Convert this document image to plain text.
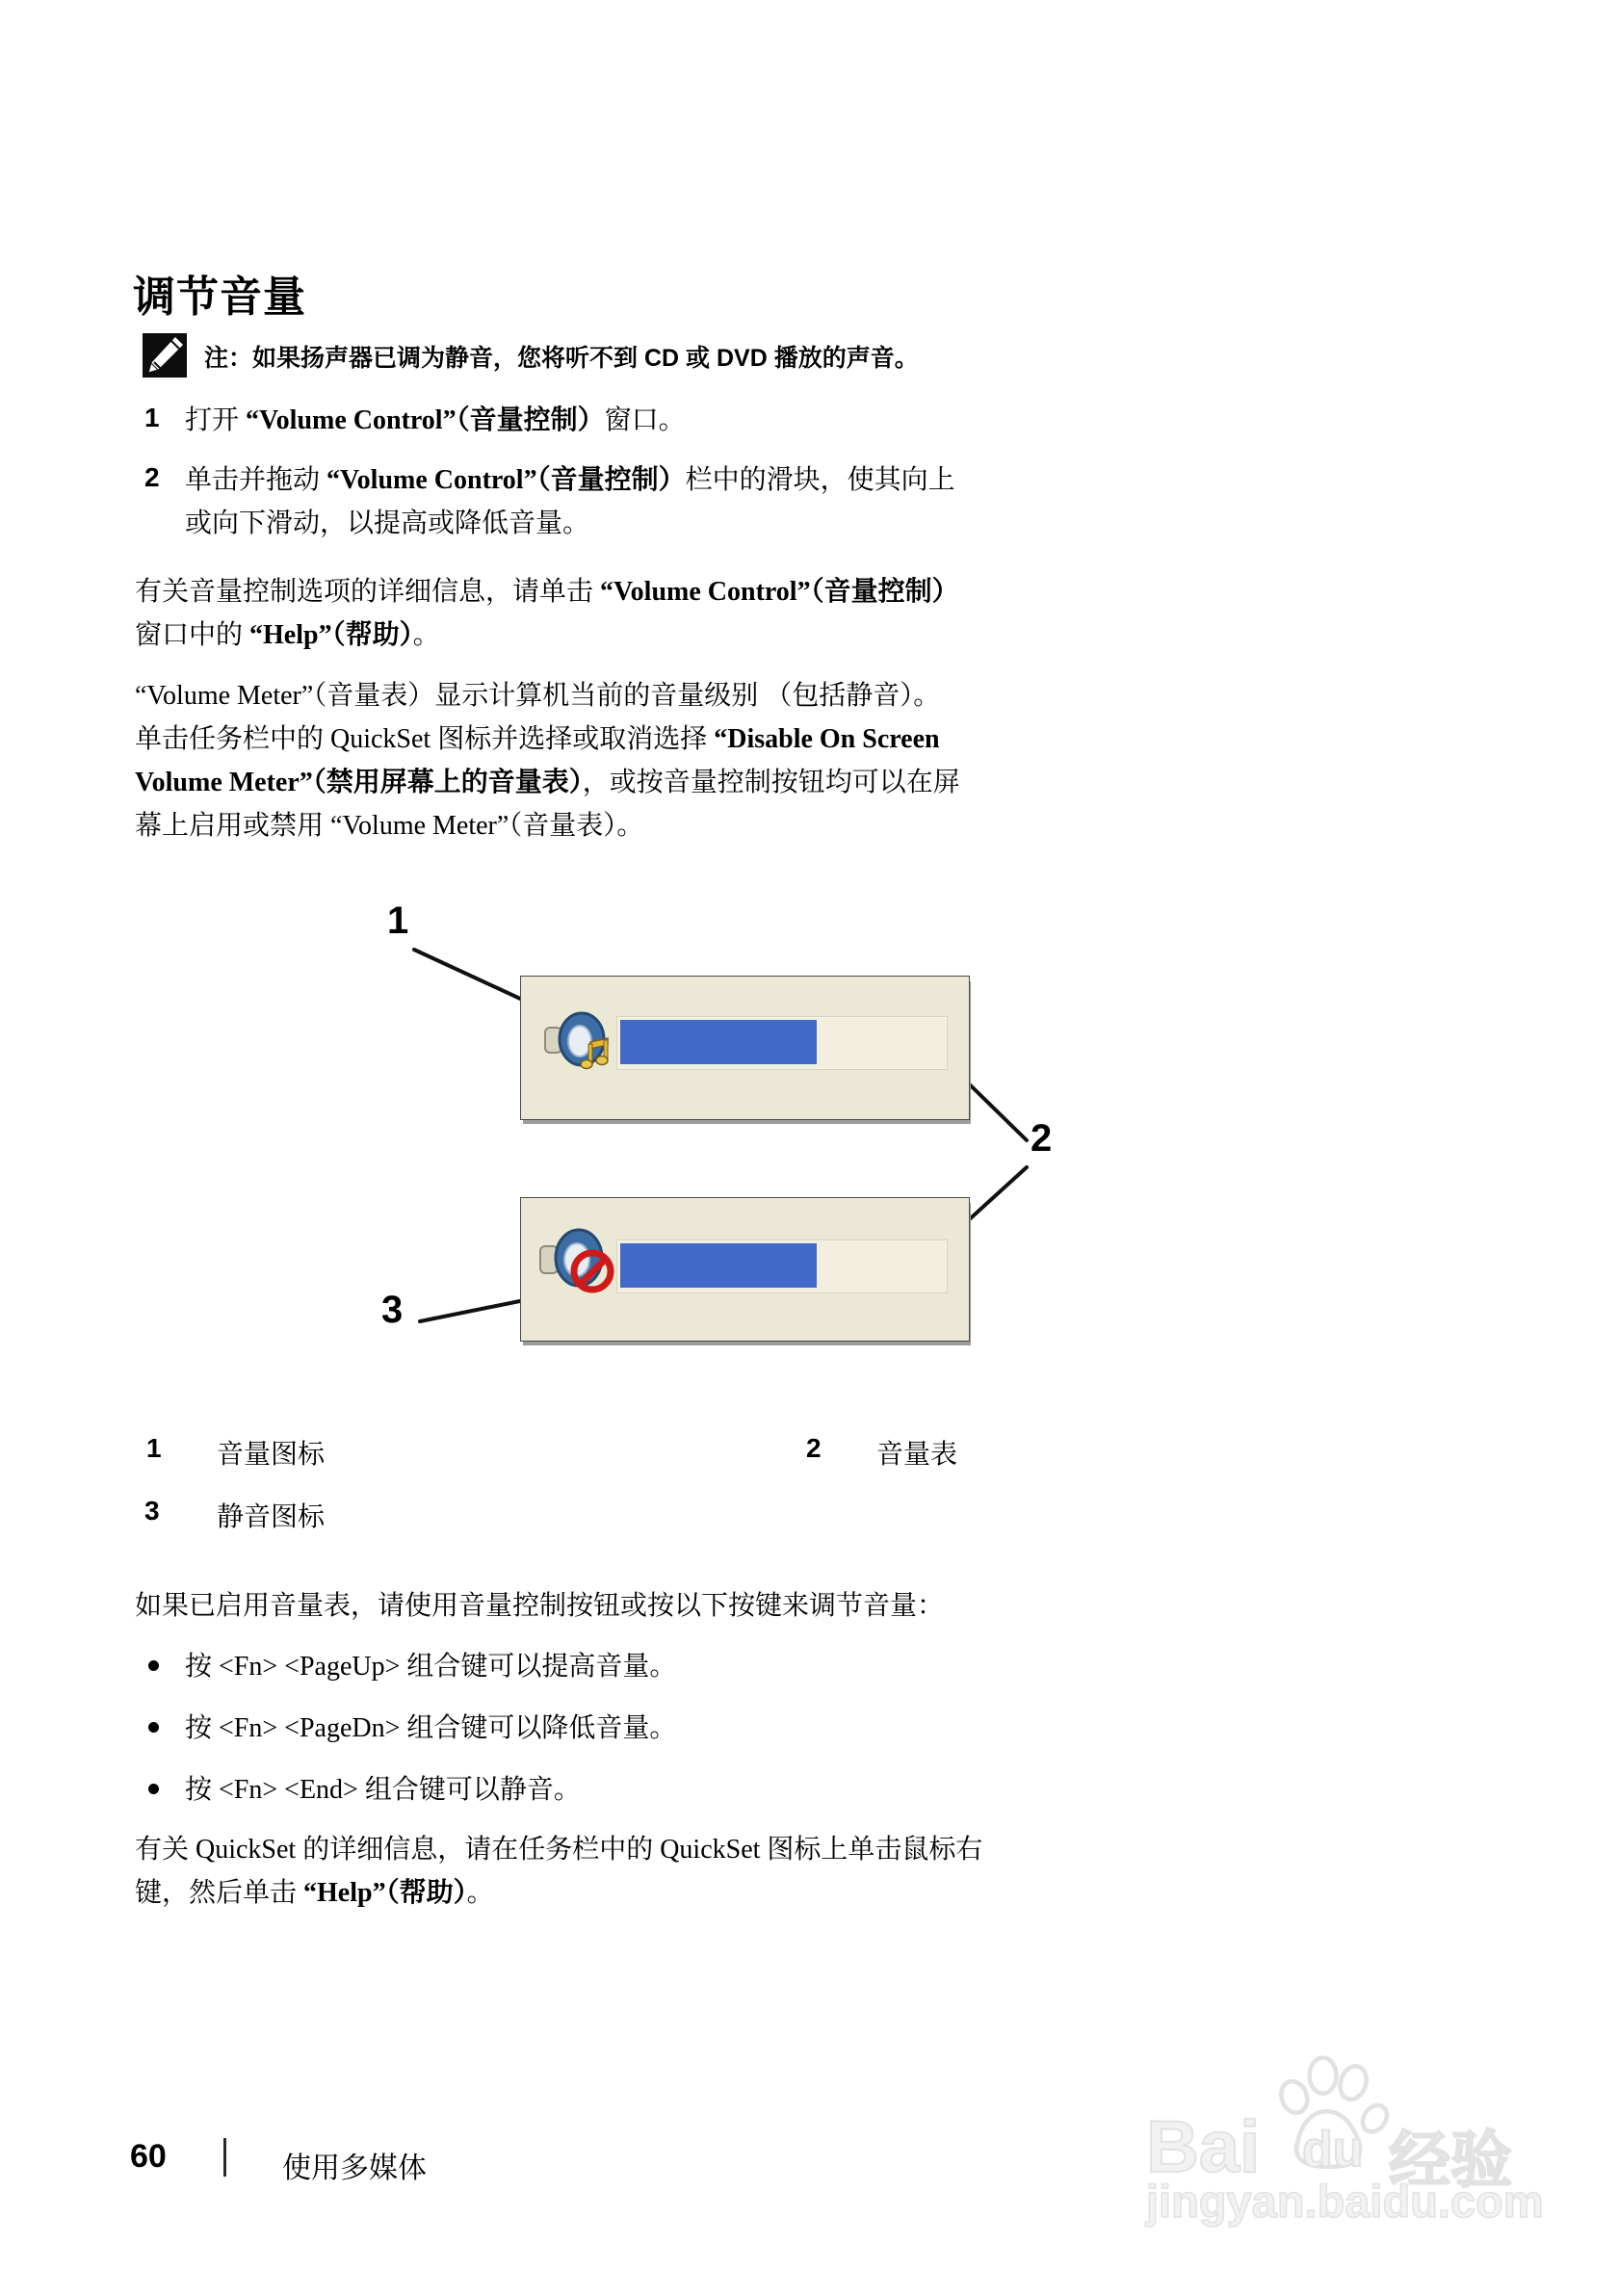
调节音量
注：如果扬声器已调为静音，您将听不到 CD 或 DVD 播放的声音。
1 打开 “Volume Control”（音量控制）窗口。
2 单击并拖动 “Volume Control”（音量控制）栏中的滑块，使其向上
或向下滑动，以提高或降低音量。
有关音量控制选项的详细信息，请单击 “Volume Control”（音量控制）
窗口中的 “Help”（帮助）。
“Volume Meter”（音量表）显示计算机当前的音量级别 （包括静音）。
单击任务栏中的 QuickSet 图标并选择或取消选择 “Disable On Screen
Volume Meter”（禁用屏幕上的音量表），或按音量控制按钮均可以在屏
幕上启用或禁用 “Volume Meter”（音量表）。
1
2
3
1 音量图标	2 音量表
3 静音图标
如果已启用音量表，请使用音量控制按钮或按以下按键来调节音量：
按 <Fn> <PageUp> 组合键可以提高音量。
按 <Fn> <PageDn> 组合键可以降低音量。
按 <Fn> <End> 组合键可以静音。
有关 QuickSet 的详细信息，请在任务栏中的 QuickSet 图标上单击鼠标右
键，然后单击 “Help”（帮助）。
60	使用多媒体	Bai du 经验
jingyan.baidu.com
